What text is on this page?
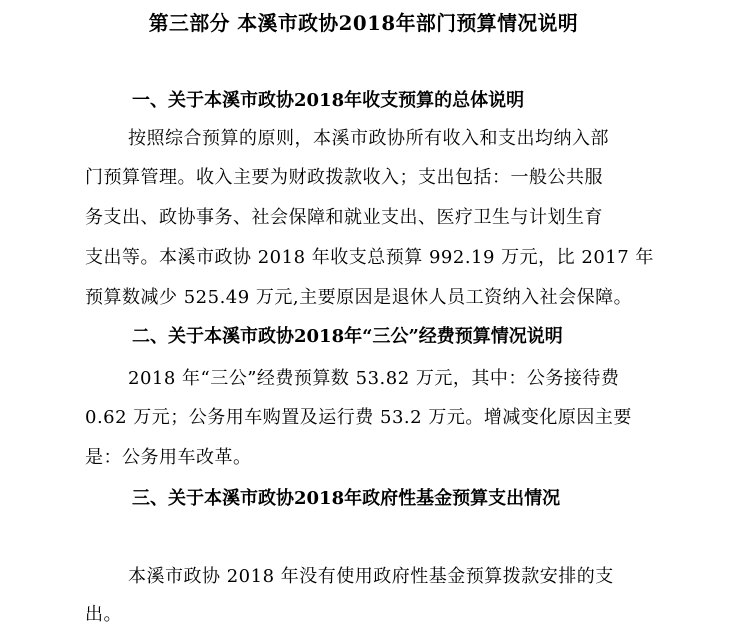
第三部分 本溪市政协2018年部门预算情况说明
一、关于本溪市政协2018年收支预算的总体说明
按照综合预算的原则，本溪市政协所有收入和支出均纳入部
门预算管理。收入主要为财政拨款收入；支出包括：一般公共服
务支出、政协事务、社会保障和就业支出、医疗卫生与计划生育
支出等。本溪市政协 2018 年收支总预算 992.19 万元，比 2017 年
预算数减少 525.49 万元,主要原因是退休人员工资纳入社会保障。
二、关于本溪市政协2018年“三公”经费预算情况说明
2018 年“三公”经费预算数 53.82 万元，其中：公务接待费
0.62 万元；公务用车购置及运行费 53.2 万元。增减变化原因主要
是：公务用车改革。
三、关于本溪市政协2018年政府性基金预算支出情况
本溪市政协 2018 年没有使用政府性基金预算拨款安排的支
出。
